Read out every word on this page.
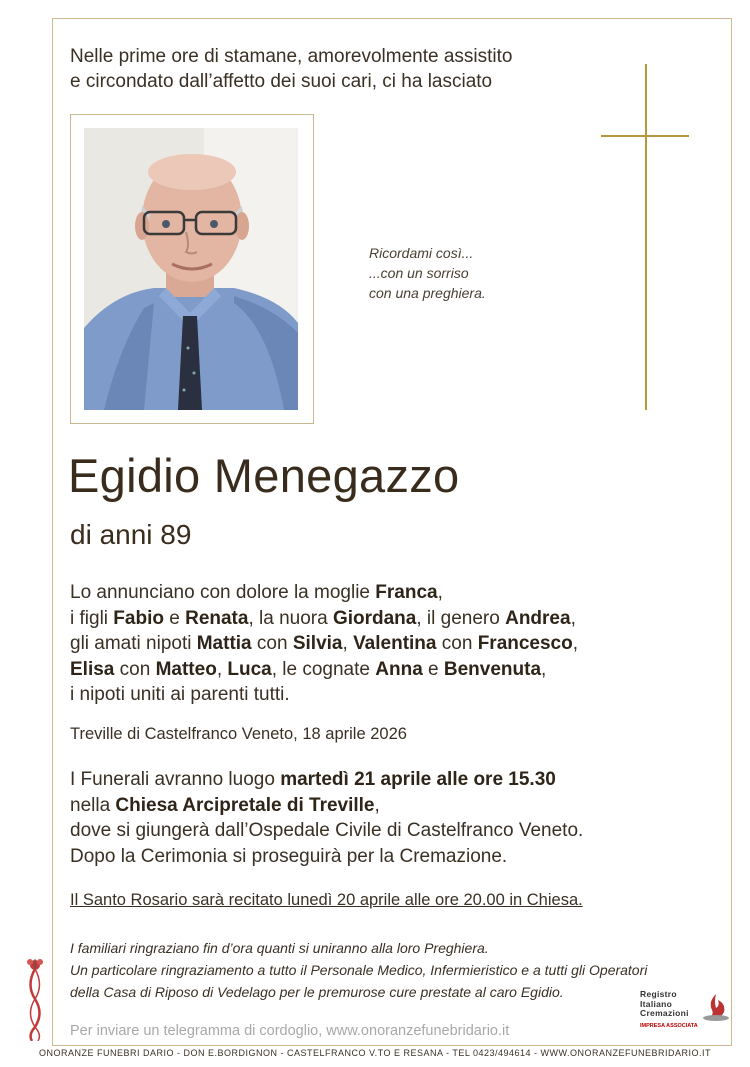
Nelle prime ore di stamane, amorevolmente assistito
e circondato dall’affetto dei suoi cari, ci ha lasciato
Ricordami così...
...con un sorriso
con una preghiera.
Egidio Menegazzo
di anni 89
Lo annunciano con dolore la moglie Franca,
i figli Fabio e Renata, la nuora Giordana, il genero Andrea,
gli amati nipoti Mattia con Silvia, Valentina con Francesco,
Elisa con Matteo, Luca, le cognate Anna e Benvenuta,
i nipoti uniti ai parenti tutti.
Treville di Castelfranco Veneto, 18 aprile 2026
I Funerali avranno luogo martedì 21 aprile alle ore 15.30
nella Chiesa Arcipretale di Treville,
dove si giungerà dall’Ospedale Civile di Castelfranco Veneto.
Dopo la Cerimonia si proseguirà per la Cremazione.
Il Santo Rosario sarà recitato lunedì 20 aprile alle ore 20.00 in Chiesa.
I familiari ringraziano fin d’ora quanti si uniranno alla loro Preghiera.
Un particolare ringraziamento a tutto il Personale Medico, Infermieristico e a tutti gli Operatori
della Casa di Riposo di Vedelago per le premurose cure prestate al caro Egidio.
Per inviare un telegramma di cordoglio, www.onoranzefunebridario.it
Registro
Italiano
Cremazioni
IMPRESA ASSOCIATA
ONORANZE FUNEBRI DARIO - DON E.BORDIGNON - CASTELFRANCO V.TO E RESANA - TEL 0423/494614 - WWW.ONORANZEFUNEBRIDARIO.IT
